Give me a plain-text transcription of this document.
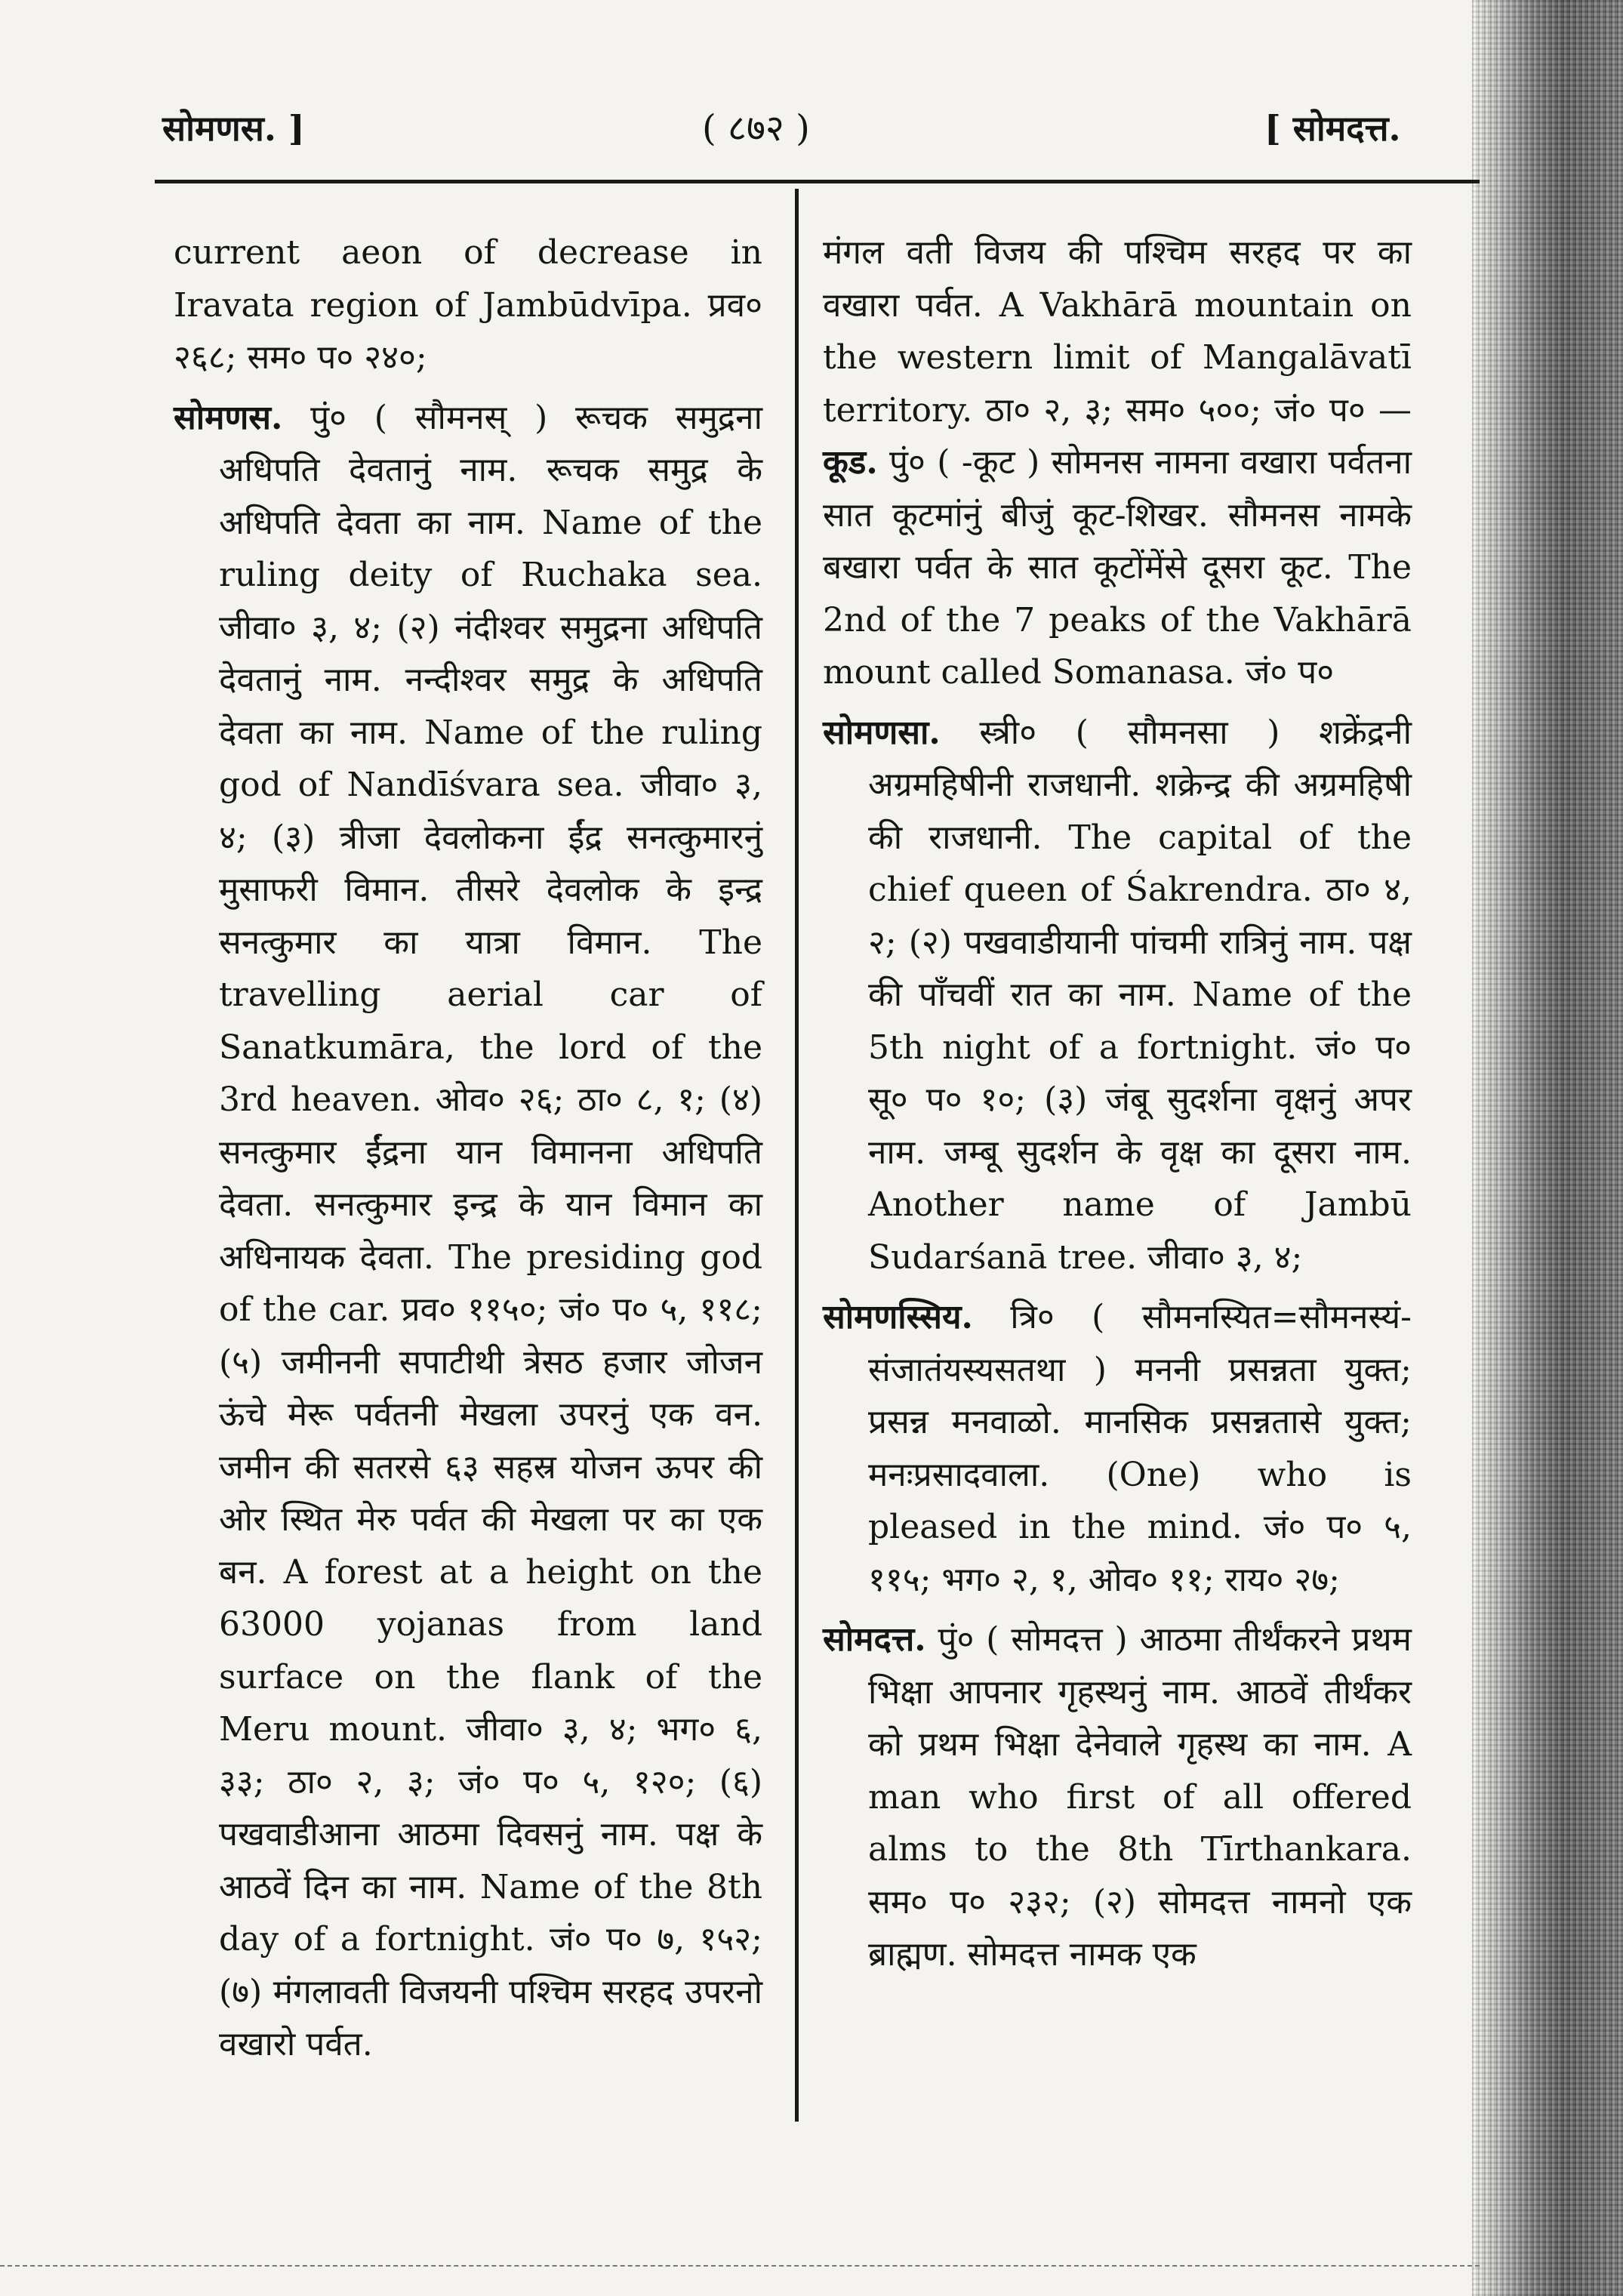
सोमणस. ]	( ८७२ )	[ सोमदत्त.

current aeon of decrease in Iravata region of Jambūdvīpa. प्रव० २६८; सम० प० २४०;

सोमणस. पुं० ( सौमनस् ) रूचक समुद्रना अधिपति देवतानुं नाम. रूचक समुद्र के अधिपति देवता का नाम. Name of the ruling deity of Ruchaka sea. जीवा० ३, ४; (२) नंदीश्वर समुद्रना अधिपति देवतानुं नाम. नन्दीश्वर समुद्र के अधिपति देवता का नाम. Name of the ruling god of Nandīśvara sea. जीवा० ३, ४; (३) त्रीजा देवलोकना ईंद्र सनत्कुमारनुं मुसाफरी विमान. तीसरे देवलोक के इन्द्र सनत्कुमार का यात्रा विमान. The travelling aerial car of Sanatkumāra, the lord of the 3rd heaven. ओव० २६; ठा० ८, १; (४) सनत्कुमार ईंद्रना यान विमानना अधिपति देवता. सनत्कुमार इन्द्र के यान विमान का अधिनायक देवता. The presiding god of the car. प्रव० ११५०; जं० प० ५, ११८; (५) जमीननी सपाटीथी त्रेसठ हजार जोजन ऊंचे मेरू पर्वतनी मेखला उपरनुं एक वन. जमीन की सतरसे ६३ सहस्र योजन ऊपर की ओर स्थित मेरु पर्वत की मेखला पर का एक बन. A forest at a height on the 63000 yojanas from land surface on the flank of the Meru mount. जीवा० ३, ४; भग० ६, ३३; ठा० २, ३; जं० प० ५, १२०; (६) पखवाडीआना आठमा दिवसनुं नाम. पक्ष के आठवें दिन का नाम. Name of the 8th day of a fortnight. जं० प० ७, १५२; (७) मंगलावती विजयनी पश्चिम सरहद उपरनो वखारो पर्वत.

मंगल वती विजय की पश्चिम सरहद पर का वखारा पर्वत. A Vakhārā mountain on the western limit of Mangalāvatī territory. ठा० २, ३; सम० ५००; जं० प० — कूड. पुं० ( -कूट ) सोमनस नामना वखारा पर्वतना सात कूटमांनुं बीजुं कूट-शिखर. सौमनस नामके बखारा पर्वत के सात कूटोंमेंसे दूसरा कूट. The 2nd of the 7 peaks of the Vakhārā mount called Somanasa. जं० प०

सोमणसा. स्त्री० ( सौमनसा ) शक्रेंद्रनी अग्रमहिषीनी राजधानी. शक्रेन्द्र की अग्रमहिषी की राजधानी. The capital of the chief queen of Śakrendra. ठा० ४, २; (२) पखवाडीयानी पांचमी रात्रिनुं नाम. पक्ष की पाँचवीं रात का नाम. Name of the 5th night of a fortnight. जं० प० सू० प० १०; (३) जंबू सुदर्शना वृक्षनुं अपर नाम. जम्बू सुदर्शन के वृक्ष का दूसरा नाम. Another name of Jambū Sudarśanā tree. जीवा० ३, ४;

सोमणस्सिय. त्रि० ( सौमनस्यित=सौमनस्यं-संजातंयस्यसतथा ) मननी प्रसन्नता युक्त; प्रसन्न मनवाळो. मानसिक प्रसन्नतासे युक्त; मनःप्रसादवाला. (One) who is pleased in the mind. जं० प० ५, ११५; भग० २, १, ओव० ११; राय० २७;

सोमदत्त. पुं० ( सोमदत्त ) आठमा तीर्थंकरने प्रथम भिक्षा आपनार गृहस्थनुं नाम. आठवें तीर्थंकर को प्रथम भिक्षा देनेवाले गृहस्थ का नाम. A man who first of all offered alms to the 8th Tīrthankara. सम० प० २३२; (२) सोमदत्त नामनो एक ब्राह्मण. सोमदत्त नामक एक
